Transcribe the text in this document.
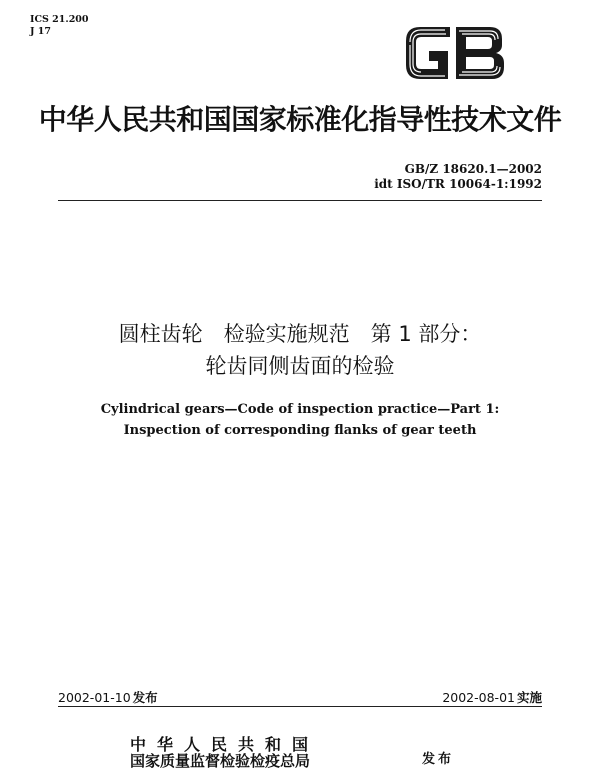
ICS 21.200
J 17
中华人民共和国国家标准化指导性技术文件
GB/Z 18620.1—2002
idt ISO/TR 10064-1:1992
圆柱齿轮　检验实施规范　第 1 部分：
轮齿同侧齿面的检验
Cylindrical gears—Code of inspection practice—Part 1:
Inspection of corresponding flanks of gear teeth
2002-01-10 发布	2002-08-01 实施
中华人民共和国
国家质量监督检验检疫总局	发布
